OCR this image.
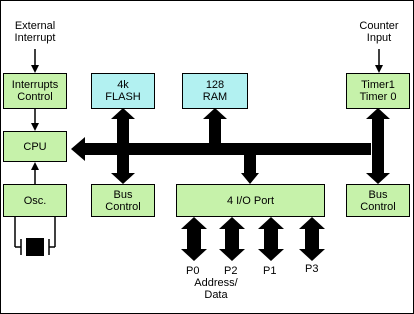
External
Interrupt
Counter
Input
Interrupts
Control
4k
FLASH
128
RAM
Timer1
Timer 0
CPU
Osc.	Bus
Control	4 I/O Port	Bus
Control
P0 P2 P1	P3
Address/
Data
